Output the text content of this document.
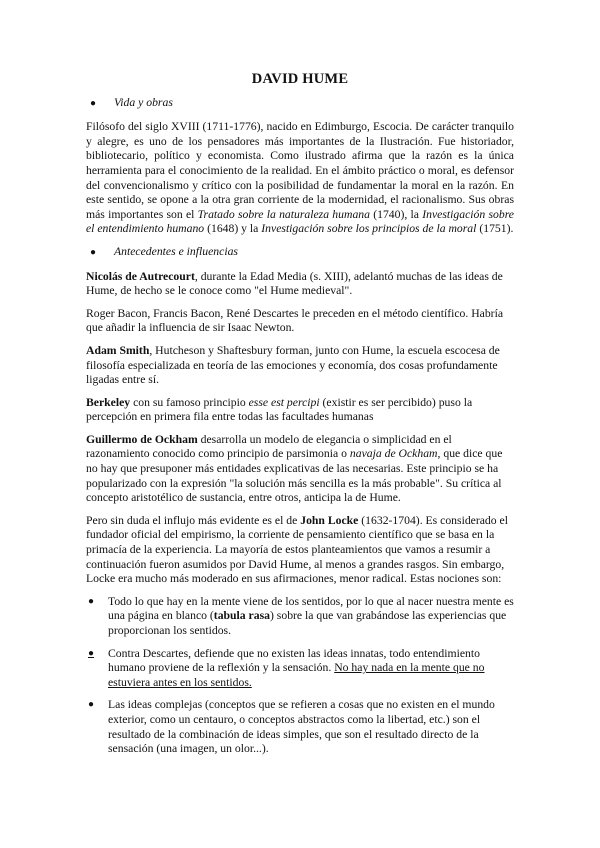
DAVID HUME
●	Vida y obras

Filósofo del siglo XVIII (1711-1776), nacido en Edimburgo, Escocia. De carácter tranquilo y alegre, es uno de los pensadores más importantes de la Ilustración. Fue historiador, bibliotecario, político y economista. Como ilustrado afirma que la razón es la única herramienta para el conocimiento de la realidad. En el ámbito práctico o moral, es defensor del convencionalismo y crítico con la posibilidad de fundamentar la moral en la razón. En este sentido, se opone a la otra gran corriente de la modernidad, el racionalismo. Sus obras más importantes son el Tratado sobre la naturaleza humana (1740), la Investigación sobre el entendimiento humano (1648) y la Investigación sobre los principios de la moral (1751).

●	Antecedentes e influencias

Nicolás de Autrecourt, durante la Edad Media (s. XIII), adelantó muchas de las ideas de Hume, de hecho se le conoce como "el Hume medieval".

Roger Bacon, Francis Bacon, René Descartes le preceden en el método científico. Habría que añadir la influencia de sir Isaac Newton.

Adam Smith, Hutcheson y Shaftesbury forman, junto con Hume, la escuela escocesa de filosofía especializada en teoría de las emociones y economía, dos cosas profundamente ligadas entre sí.

Berkeley con su famoso principio esse est percipi (existir es ser percibido) puso la percepción en primera fila entre todas las facultades humanas

Guillermo de Ockham desarrolla un modelo de elegancia o simplicidad en el razonamiento conocido como principio de parsimonia o navaja de Ockham, que dice que no hay que presuponer más entidades explicativas de las necesarias. Este principio se ha popularizado con la expresión "la solución más sencilla es la más probable". Su crítica al concepto aristotélico de sustancia, entre otros, anticipa la de Hume.

Pero sin duda el influjo más evidente es el de John Locke (1632-1704). Es considerado el fundador oficial del empirismo, la corriente de pensamiento científico que se basa en la primacía de la experiencia. La mayoría de estos planteamientos que vamos a resumir a continuación fueron asumidos por David Hume, al menos a grandes rasgos. Sin embargo, Locke era mucho más moderado en sus afirmaciones, menor radical. Estas nociones son:

●	Todo lo que hay en la mente viene de los sentidos, por lo que al nacer nuestra mente es una página en blanco (tabula rasa) sobre la que van grabándose las experiencias que proporcionan los sentidos.
●	Contra Descartes, defiende que no existen las ideas innatas, todo entendimiento humano proviene de la reflexión y la sensación. No hay nada en la mente que no estuviera antes en los sentidos.
●	Las ideas complejas (conceptos que se refieren a cosas que no existen en el mundo exterior, como un centauro, o conceptos abstractos como la libertad, etc.) son el resultado de la combinación de ideas simples, que son el resultado directo de la sensación (una imagen, un olor...).
